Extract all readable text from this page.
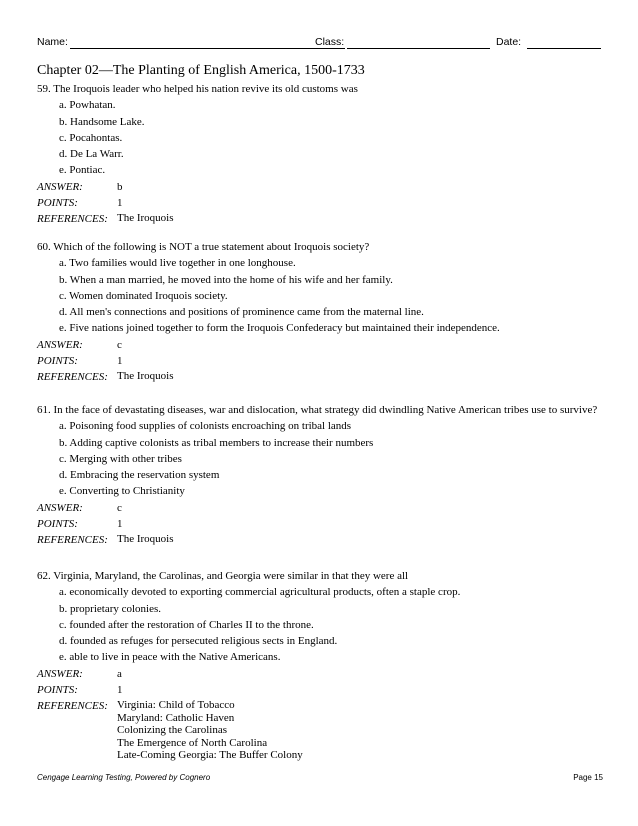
Name:	Class:	Date:
Chapter 02—The Planting of English America, 1500-1733

59. The Iroquois leader who helped his nation revive its old customs was

a. Powhatan.
b. Handsome Lake.
c. Pocahontas.
d. De La Warr.
e. Pontiac.
ANSWER:	b
POINTS:	1
REFERENCES: The Iroquois

60. Which of the following is NOT a true statement about Iroquois society?

a. Two families would live together in one longhouse.
b. When a man married, he moved into the home of his wife and her family.
c. Women dominated Iroquois society.
d. All men's connections and positions of prominence came from the maternal line.
e. Five nations joined together to form the Iroquois Confederacy but maintained their independence.
ANSWER:	c
POINTS:	1
REFERENCES: The Iroquois

61. In the face of devastating diseases, war and dislocation, what strategy did dwindling Native American tribes use to survive?

a. Poisoning food supplies of colonists encroaching on tribal lands
b. Adding captive colonists as tribal members to increase their numbers
c. Merging with other tribes
d. Embracing the reservation system
e. Converting to Christianity
ANSWER:	c
POINTS:	1
REFERENCES: The Iroquois

62. Virginia, Maryland, the Carolinas, and Georgia were similar in that they were all

a. economically devoted to exporting commercial agricultural products, often a staple crop.
b. proprietary colonies.
c. founded after the restoration of Charles II to the throne.
d. founded as refuges for persecuted religious sects in England.
e. able to live in peace with the Native Americans.
ANSWER:	a
POINTS:	1
REFERENCES: Virginia: Child of Tobacco
Maryland: Catholic Haven
Colonizing the Carolinas
The Emergence of North Carolina
Late-Coming Georgia: The Buffer Colony
Cengage Learning Testing, Powered by Cognero	Page 15
